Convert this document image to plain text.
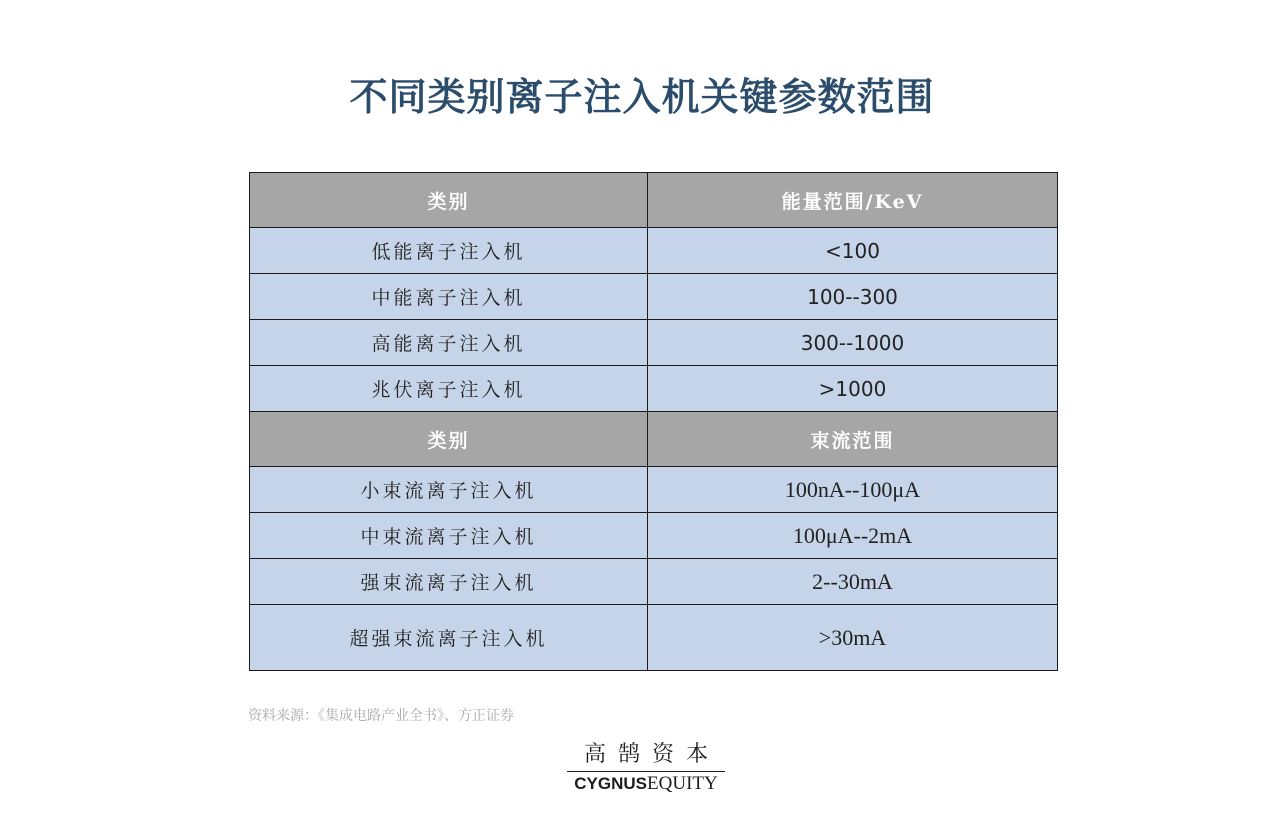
不同类别离子注入机关键参数范围
类别	能量范围/KeV
低能离子注入机	<100
中能离子注入机	100--300
高能离子注入机	300--1000
兆伏离子注入机	>1000
类别	束流范围
小束流离子注入机	100nA--100μA
中束流离子注入机	100μA--2mA
强束流离子注入机	2--30mA
超强束流离子注入机	>30mA
资料来源：《集成电路产业全书》、方正证券
高鹄资本
CYGNUSEQUITY
